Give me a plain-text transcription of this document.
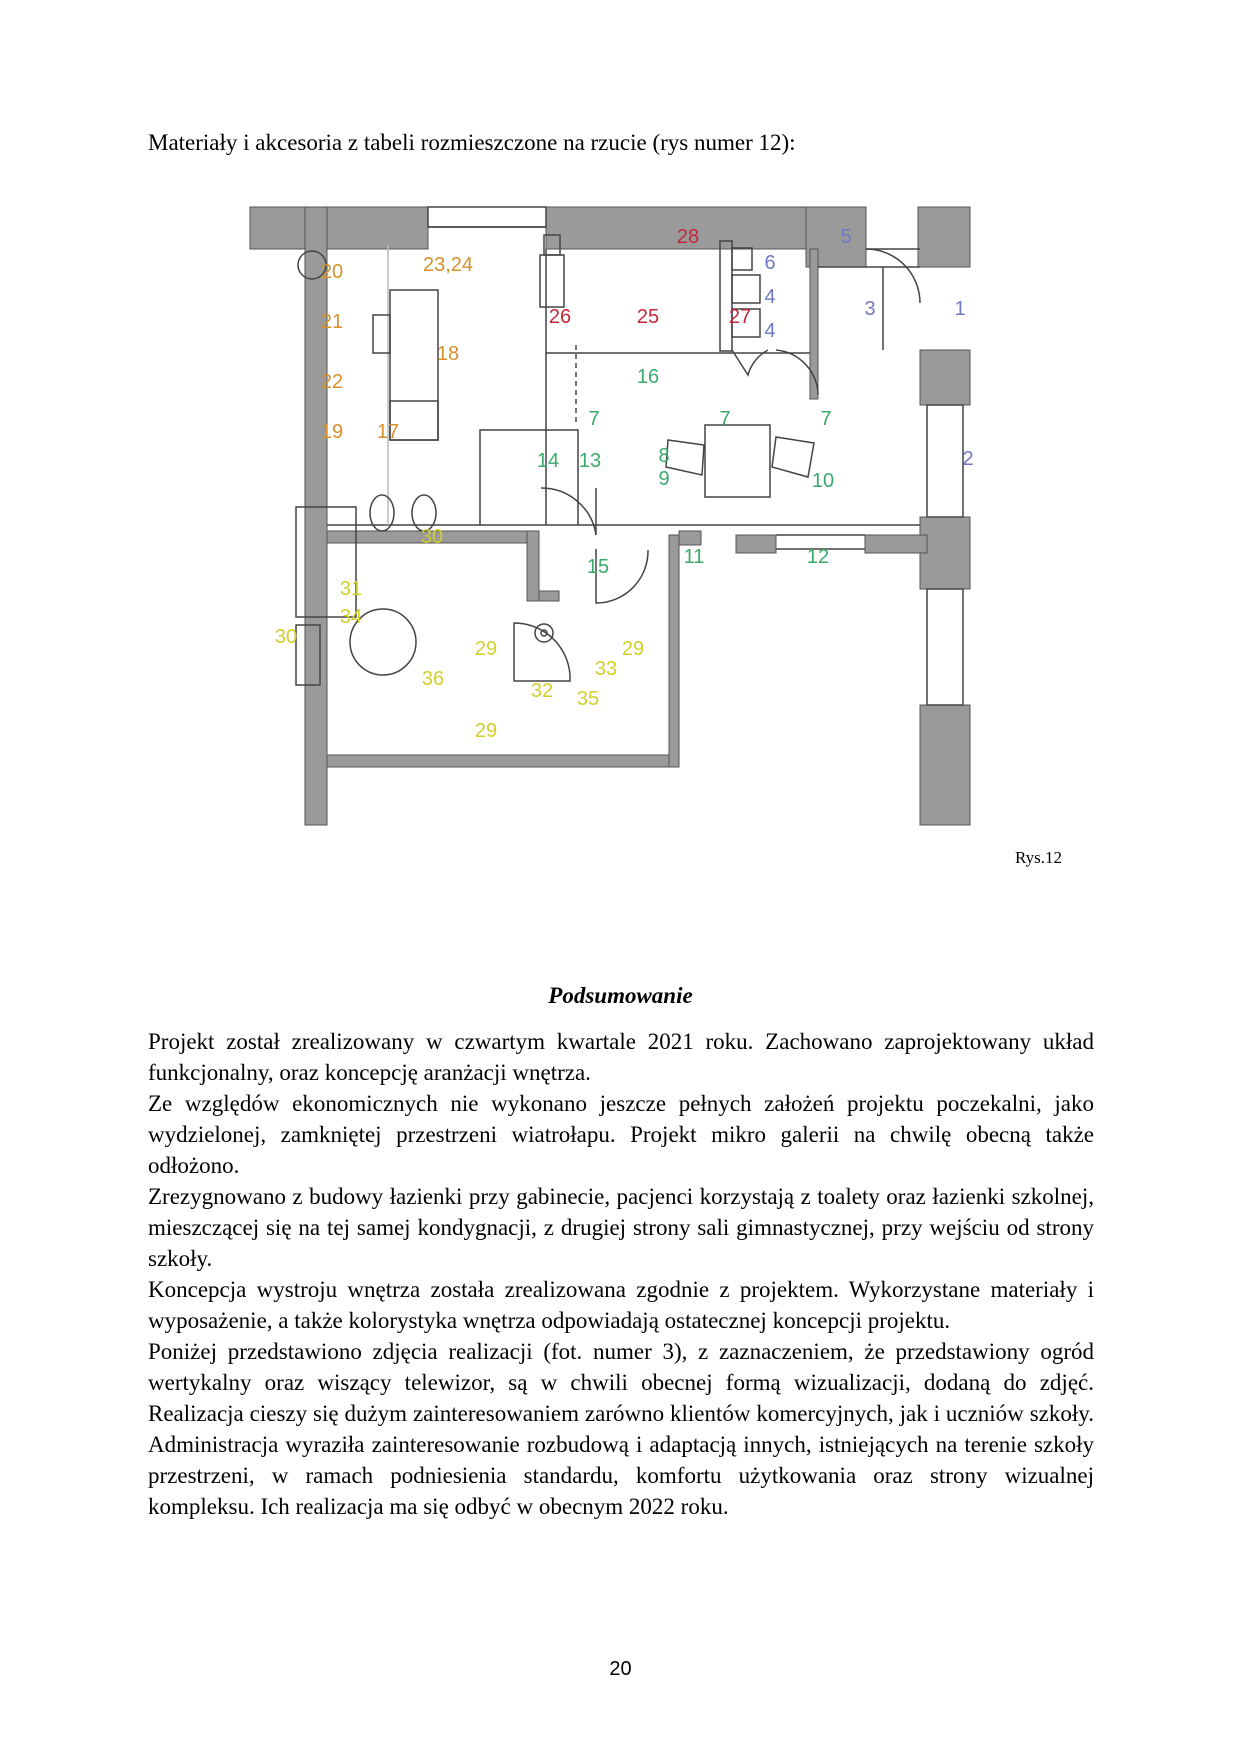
Materiały i akcesoria z tabeli rozmieszczone na rzucie (rys numer 12):
20	23,24
21
18
22
19 17
28
26	25	27
5
6
4
4
3	1
2
16
7	7	7
14 13	8
9	10
15	11	12
30
31
34
30
29	29
36
32
33
35
29
Rys.12
Podsumowanie

Projekt został zrealizowany w czwartym kwartale 2021 roku. Zachowano zaprojektowany układ funkcjonalny, oraz koncepcję aranżacji wnętrza.

Ze względów ekonomicznych nie wykonano jeszcze pełnych założeń projektu poczekalni, jako wydzielonej, zamkniętej przestrzeni wiatrołapu. Projekt mikro galerii na chwilę obecną także odłożono.

Zrezygnowano z budowy łazienki przy gabinecie, pacjenci korzystają z toalety oraz łazienki szkolnej, mieszczącej się na tej samej kondygnacji, z drugiej strony sali gimnastycznej, przy wejściu od strony szkoły.

Koncepcja wystroju wnętrza została zrealizowana zgodnie z projektem. Wykorzystane materiały i wyposażenie, a także kolorystyka wnętrza odpowiadają ostatecznej koncepcji projektu.

Poniżej przedstawiono zdjęcia realizacji (fot. numer 3), z zaznaczeniem, że przedstawiony ogród wertykalny oraz wiszący telewizor, są w chwili obecnej formą wizualizacji, dodaną do zdjęć. Realizacja cieszy się dużym zainteresowaniem zarówno klientów komercyjnych, jak i uczniów szkoły. Administracja wyraziła zainteresowanie rozbudową i adaptacją innych, istniejących na terenie szkoły przestrzeni, w ramach podniesienia standardu, komfortu użytkowania oraz strony wizualnej kompleksu. Ich realizacja ma się odbyć w obecnym 2022 roku.

20
